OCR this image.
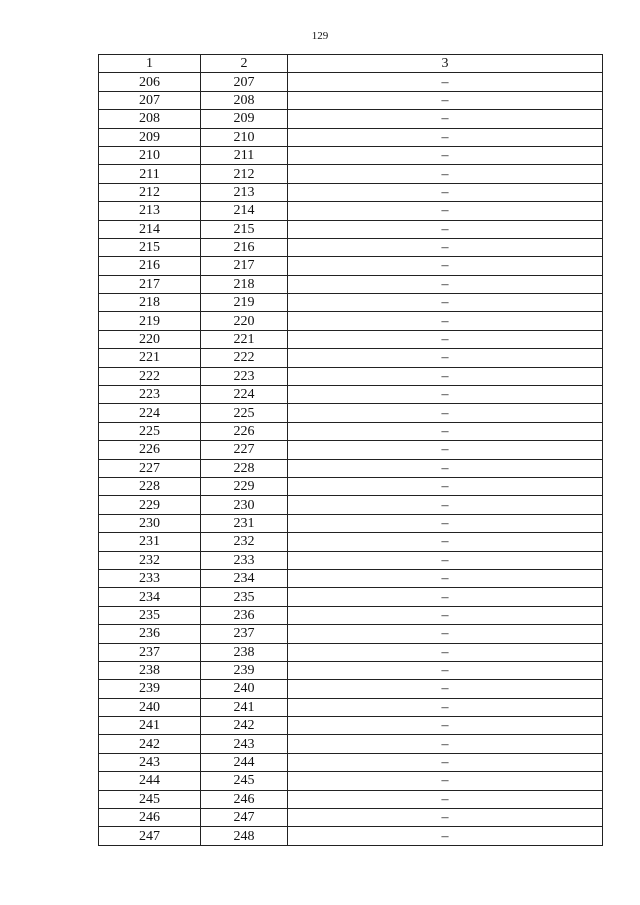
129
1	2	3
206	207	–
207	208	–
208	209	–
209	210	–
210	211	–
211	212	–
212	213	–
213	214	–
214	215	–
215	216	–
216	217	–
217	218	–
218	219	–
219	220	–
220	221	–
221	222	–
222	223	–
223	224	–
224	225	–
225	226	–
226	227	–
227	228	–
228	229	–
229	230	–
230	231	–
231	232	–
232	233	–
233	234	–
234	235	–
235	236	–
236	237	–
237	238	–
238	239	–
239	240	–
240	241	–
241	242	–
242	243	–
243	244	–
244	245	–
245	246	–
246	247	–
247	248	–
